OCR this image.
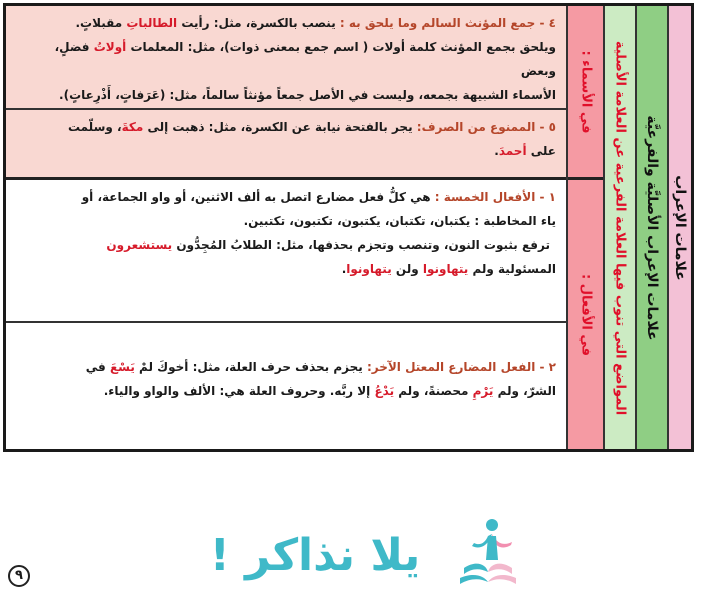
٤ - جمع المؤنث السالم وما يلحق به : ينصب بالكسرة، مثل: رأيت الطالباتِ مقبلاتٍ.
ويلحق بجمع المؤنث كلمة أولات ( اسم جمع بمعنى ذوات)، مثل: المعلمات أولاتُ فضلٍ، وبعض
الأسماء الشبيهة بجمعه، وليست في الأصل جمعاً مؤنثاً سالماً، مثل: (عَرَفاتٍ، أَذْرِعاتٍ).
٥ - الممنوع من الصرف: يجر بالفتحة نيابة عن الكسرة، مثل: ذهبت إلى مكةَ، وسلّمت
على أحمدَ.
١ - الأفعال الخمسة : هي كلُّ فعل مضارع اتصل به ألف الاثنين، أو واو الجماعة، أو
ياء المخاطبة : يكتبان، تكتبان، يكتبون، تكتبون، تكتبين.
ترفع بثبوت النون، وتنصب وتجزم بحذفها، مثل: الطلابُ المُجِدُّون يستشعرون
المسئولية ولم يتهاونوا ولن يتهاونوا.
٢ - الفعل المضارع المعتل الآخر: يجزم بحذف حرف العلة، مثل: أخوكَ لمْ يَسْعَ في
الشرّ، ولم يَرْمِ محصنةً، ولم يَدْعُ إلا ربَّه. وحروف العلة هي: الألف والواو والياء.
في الأسماء :
في الأفعال : المواضع التي تنوب فيها العلامة الفرعية عن العلامة الأصلية علامات الإعراب الأصليَّة والفرعيَّة علامات الإعراب
يلا نذاكر !
٩
